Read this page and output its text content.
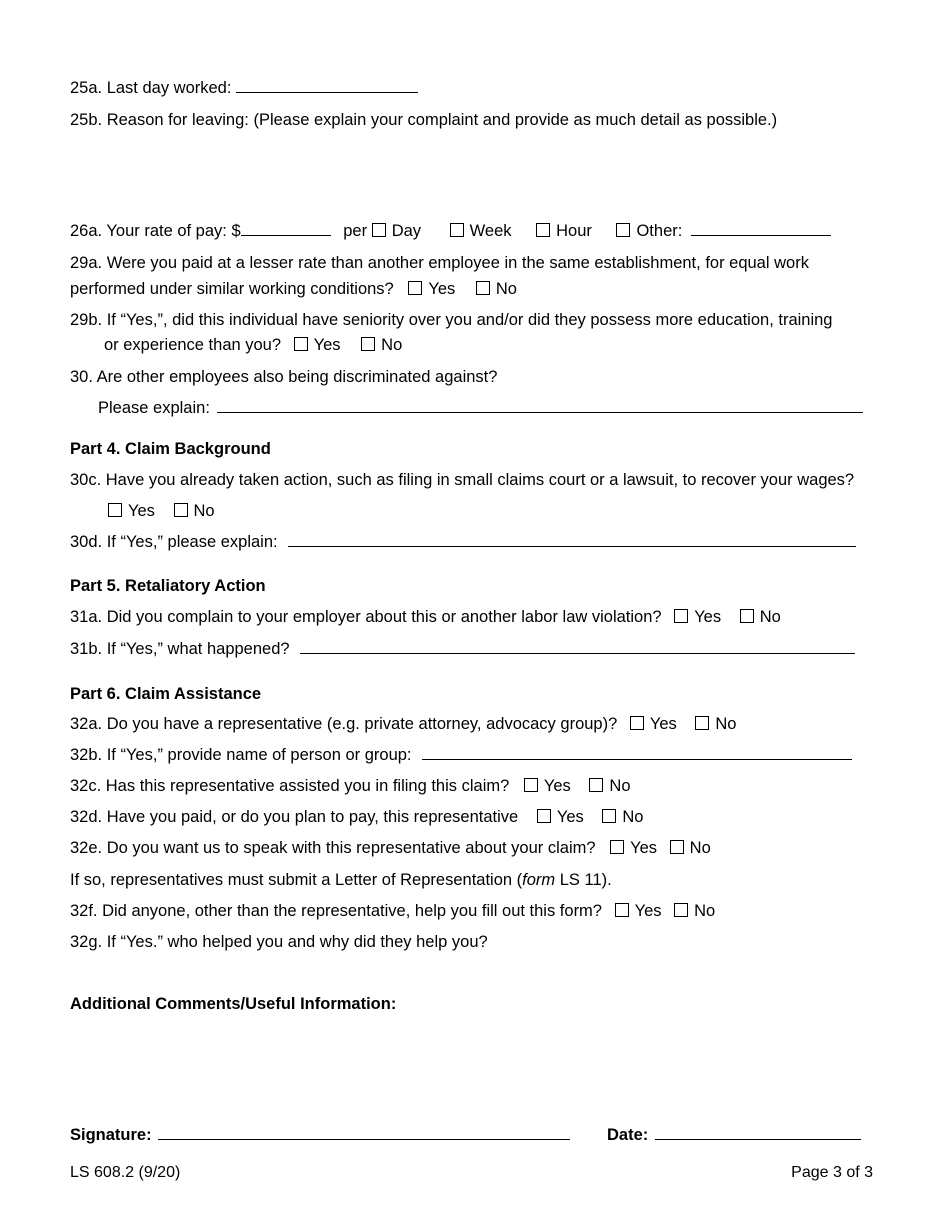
25a. Last day worked:
25b. Reason for leaving: (Please explain your complaint and provide as much detail as possible.)
26a. Your rate of pay: $	per Day	Week	Hour	Other:
29a. Were you paid at a lesser rate than another employee in the same establishment, for equal work
performed under similar working conditions? Yes No
29b. If “Yes,”, did this individual have seniority over you and/or did they possess more education, training
or experience than you? Yes No
30. Are other employees also being discriminated against?
Please explain:
Part 4. Claim Background
30c. Have you already taken action, such as filing in small claims court or a lawsuit, to recover your wages?
Yes No
30d. If “Yes,” please explain:
Part 5. Retaliatory Action
31a. Did you complain to your employer about this or another labor law violation? Yes No
31b. If “Yes,” what happened?
Part 6. Claim Assistance
32a. Do you have a representative (e.g. private attorney, advocacy group)? Yes No
32b. If “Yes,” provide name of person or group:
32c. Has this representative assisted you in filing this claim? Yes No
32d. Have you paid, or do you plan to pay, this representative Yes No
32e. Do you want us to speak with this representative about your claim? Yes No
If so, representatives must submit a Letter of Representation (form LS 11).
32f. Did anyone, other than the representative, help you fill out this form? Yes No
32g. If “Yes.” who helped you and why did they help you?
Additional Comments/Useful Information:
Signature:	Date:
LS 608.2 (9/20)	Page 3 of 3
